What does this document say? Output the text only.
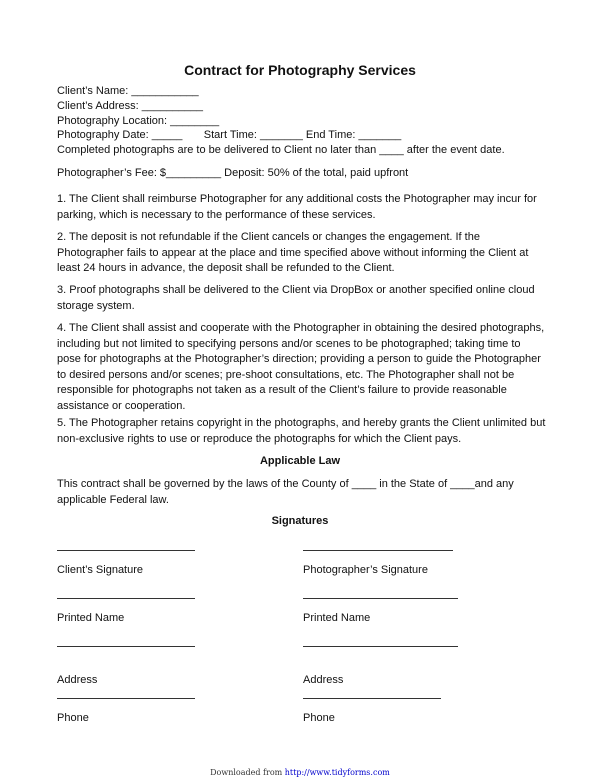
Contract for Photography Services
Client’s Name: ___________
Client’s Address: __________
Photography Location: ________
Photography Date: _____       Start Time: _______ End Time: _______
Completed photographs are to be delivered to Client no later than ____ after the event date.

Photographer’s Fee: $_________ Deposit: 50% of the total, paid upfront

1. The Client shall reimburse Photographer for any additional costs the Photographer may incur for parking, which is necessary to the performance of these services.

2. The deposit is not refundable if the Client cancels or changes the engagement. If the Photographer fails to appear at the place and time specified above without informing the Client at least 24 hours in advance, the deposit shall be refunded to the Client.

3. Proof photographs shall be delivered to the Client via DropBox or another specified online cloud storage system.

4. The Client shall assist and cooperate with the Photographer in obtaining the desired photographs, including but not limited to specifying persons and/or scenes to be photographed; taking time to pose for photographs at the Photographer’s direction; providing a person to guide the Photographer to desired persons and/or scenes; pre-shoot consultations, etc. The Photographer shall not be responsible for photographs not taken as a result of the Client’s failure to provide reasonable assistance or cooperation.

5. The Photographer retains copyright in the photographs, and hereby grants the Client unlimited but non-exclusive rights to use or reproduce the photographs for which the Client pays.

Applicable Law

This contract shall be governed by the laws of the County of ____ in the State of ____and any applicable Federal law.

Signatures
Client’s Signature
Printed Name
Address
Phone
Photographer’s Signature
Printed Name
Address
Phone
Downloaded from http://www.tidyforms.com
